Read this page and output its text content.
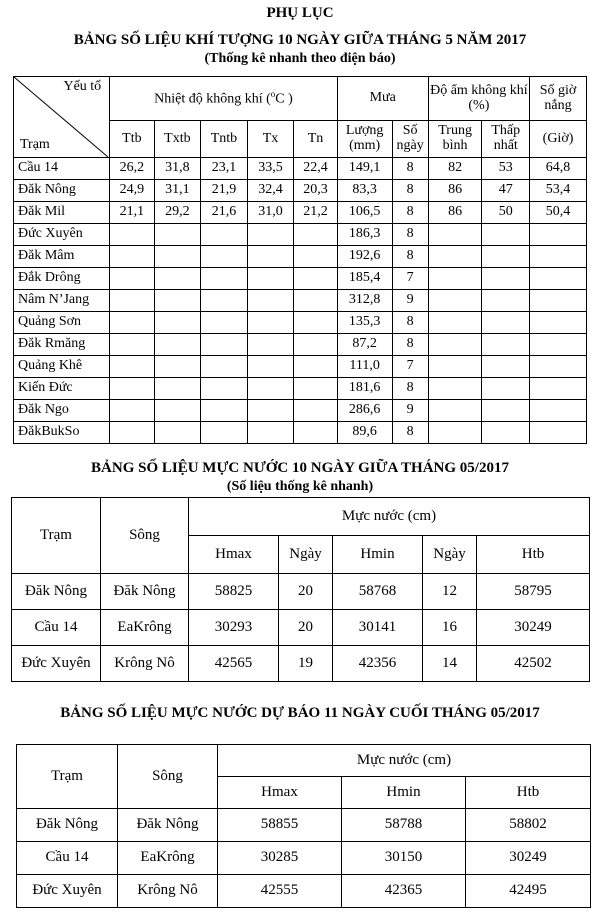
PHỤ LỤC
BẢNG SỐ LIỆU KHÍ TƯỢNG 10 NGÀY GIỮA THÁNG 5 NĂM 2017
(Thống kê nhanh theo điện báo)
Yếu tố
Trạm	Nhiệt độ không khí ($^o$C )					Mưa		Độ ẩm không khí (%)		Số giờ nắng
	Ttb	Txtb	Tntb	Tx	Tn	Lượng (mm)	Số ngày	Trung bình	Thấp nhất	(Giờ)
Cầu 14	26,2	31,8	23,1	33,5	22,4	149,1	8	82	53	64,8
Đăk Nông	24,9	31,1	21,9	32,4	20,3	83,3	8	86	47	53,4
Đăk Mil	21,1	29,2	21,6	31,0	21,2	106,5	8	86	50	50,4
Đức Xuyên						186,3	8			
Đăk Mâm						192,6	8			
Đắk Drông						185,4	7			
Nâm N’Jang						312,8	9			
Quảng Sơn						135,3	8			
Đăk Rmăng						87,2	8			
Quảng Khê						111,0	7			
Kiến Đức						181,6	8			
Đăk Ngo						286,6	9			
ĐăkBukSo						89,6	8			
BẢNG SỐ LIỆU MỰC NƯỚC 10 NGÀY GIỮA THÁNG 05/2017
(Số liệu thống kê nhanh)
Trạm	Sông	Mực nước (cm)				
		Hmax	Ngày	Hmin	Ngày	Htb
Đăk Nông	Đăk Nông	58825	20	58768	12	58795
Cầu 14	EaKrông	30293	20	30141	16	30249
Đức Xuyên	Krông Nô	42565	19	42356	14	42502
BẢNG SỐ LIỆU MỰC NƯỚC DỰ BÁO 11 NGÀY CUỐI THÁNG 05/2017
Trạm	Sông	Mực nước (cm)		
		Hmax	Hmin	Htb
Đăk Nông	Đăk Nông	58855	58788	58802
Cầu 14	EaKrông	30285	30150	30249
Đức Xuyên	Krông Nô	42555	42365	42495
